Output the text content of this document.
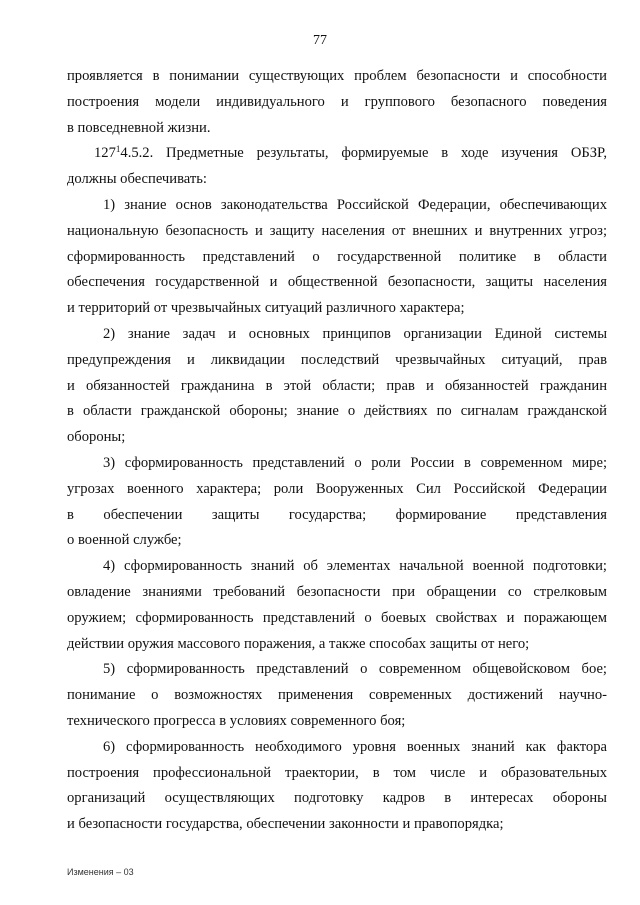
77
проявляется в понимании существующих проблем безопасности и способности
построения модели индивидуального и группового безопасного поведения
в повседневной жизни.
$127^14.5.2$. Предметные результаты, формируемые в ходе изучения ОБЗР,
должны обеспечивать:
1) знание основ законодательства Российской Федерации, обеспечивающих
национальную безопасность и защиту населения от внешних и внутренних угроз;
сформированность представлений о государственной политике в области
обеспечения государственной и общественной безопасности, защиты населения
и территорий от чрезвычайных ситуаций различного характера;
2) знание задач и основных принципов организации Единой системы
предупреждения и ликвидации последствий чрезвычайных ситуаций, прав
и обязанностей гражданина в этой области; прав и обязанностей гражданин
в области гражданской обороны; знание о действиях по сигналам гражданской
обороны;
3) сформированность представлений о роли России в современном мире;
угрозах военного характера; роли Вооруженных Сил Российской Федерации
в обеспечении защиты государства; формирование представления
о военной службе;
4) сформированность знаний об элементах начальной военной подготовки;
овладение знаниями требований безопасности при обращении со стрелковым
оружием; сформированность представлений о боевых свойствах и поражающем
действии оружия массового поражения, а также способах защиты от него;
5) сформированность представлений о современном общевойсковом бое;
понимание о возможностях применения современных достижений научно-
технического прогресса в условиях современного боя;
6) сформированность необходимого уровня военных знаний как фактора
построения профессиональной траектории, в том числе и образовательных
организаций осуществляющих подготовку кадров в интересах обороны
и безопасности государства, обеспечении законности и правопорядка;
Изменения – 03
